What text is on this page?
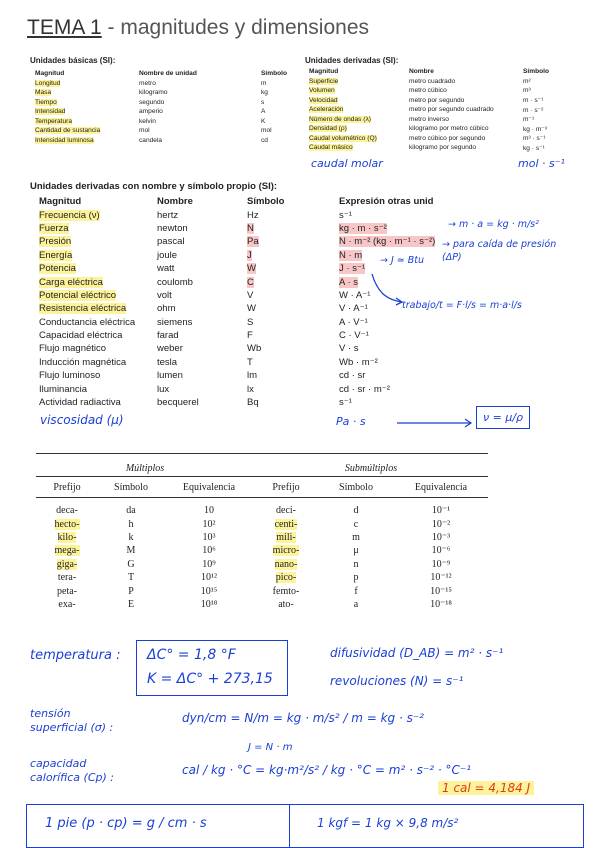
TEMA 1 - magnitudes y dimensiones
Unidades básicas (SI):
Magnitud	Nombre de unidad	Símbolo
Longitud	metro	m
Masa	kilogramo	kg
Tiempo	segundo	s
Intensidad	amperio	A
Temperatura	kelvin	K
Cantidad de sustancia	mol	mol
Intensidad luminosa	candela	cd
Unidades derivadas (SI):
Magnitud	Nombre	Símbolo
Superficie	metro cuadrado	m²
Volumen	metro cúbico	m³
Velocidad	metro por segundo	m · s⁻¹
Aceleración	metro por segundo cuadrado	m · s⁻²
Número de ondas (λ)	metro inverso	m⁻¹
Densidad (ρ)	kilogramo por metro cúbico	kg · m⁻³
Caudal volumétrico (Q)	metro cúbico por segundo	m³ · s⁻¹
Caudal másico	kilogramo por segundo	kg · s⁻¹
caudal molar	mol · s⁻¹
Unidades derivadas con nombre y símbolo propio (SI):
Magnitud	Nombre	Símbolo	Expresión otras unid
Frecuencia (ν)	hertz	Hz	s⁻¹
Fuerza	newton	N	kg · m · s⁻²
Presión	pascal	Pa	N · m⁻² (kg · m⁻¹ · s⁻²)
Energía	joule	J	N · m
Potencia	watt	W	J · s⁻¹
Carga eléctrica	coulomb	C	A · s
Potencial eléctrico	volt	V	W · A⁻¹
Resistencia eléctrica	ohm	W	V · A⁻¹
Conductancia eléctrica	siemens	S	A · V⁻¹
Capacidad eléctrica	farad	F	C · V⁻¹
Flujo magnético	weber	Wb	V · s
Inducción magnética	tesla	T	Wb · m⁻²
Flujo luminoso	lumen	lm	cd · sr
Iluminancia	lux	lx	cd · sr · m⁻²
Actividad radiactiva	becquerel	Bq	s⁻¹
→ m · a = kg · m/s²
→ para caída de presión (ΔP)
→ J ≃ Btu
trabajo/t = F·l/s = m·a·l/s
viscosidad (μ)	Pa · s	ν = μ/ρ
Múltiplos			Submúltiplos		
Prefijo	Símbolo	Equivalencia	Prefijo	Símbolo	Equivalencia
deca-	da	10	deci-	d	10⁻¹
hecto-	h	10²	centi-	c	10⁻²
kilo-	k	10³	mili-	m	10⁻³
mega-	M	10⁶	micro-	μ	10⁻⁶
giga-	G	10⁹	nano-	n	10⁻⁹
tera-	T	10¹²	pico-	p	10⁻¹²
peta-	P	10¹⁵	femto-	f	10⁻¹⁵
exa-	E	10¹⁸	ato-	a	10⁻¹⁸
temperatura : ΔC° = 1,8 °F
K = ΔC° + 273,15
difusividad (D_AB) = m² · s⁻¹
revoluciones (N) = s⁻¹
tensión superficial (σ) :
dyn/cm = N/m = kg · m/s² / m = kg · s⁻²
J = N · m
capacidad calorífica (Cp) :
cal / kg · °C = kg·m²/s² / kg · °C = m² · s⁻² · °C⁻¹
1 cal = 4,184 J
1 pie (p · cp) = g / cm · s	1 kgf = 1 kg × 9,8 m/s²
